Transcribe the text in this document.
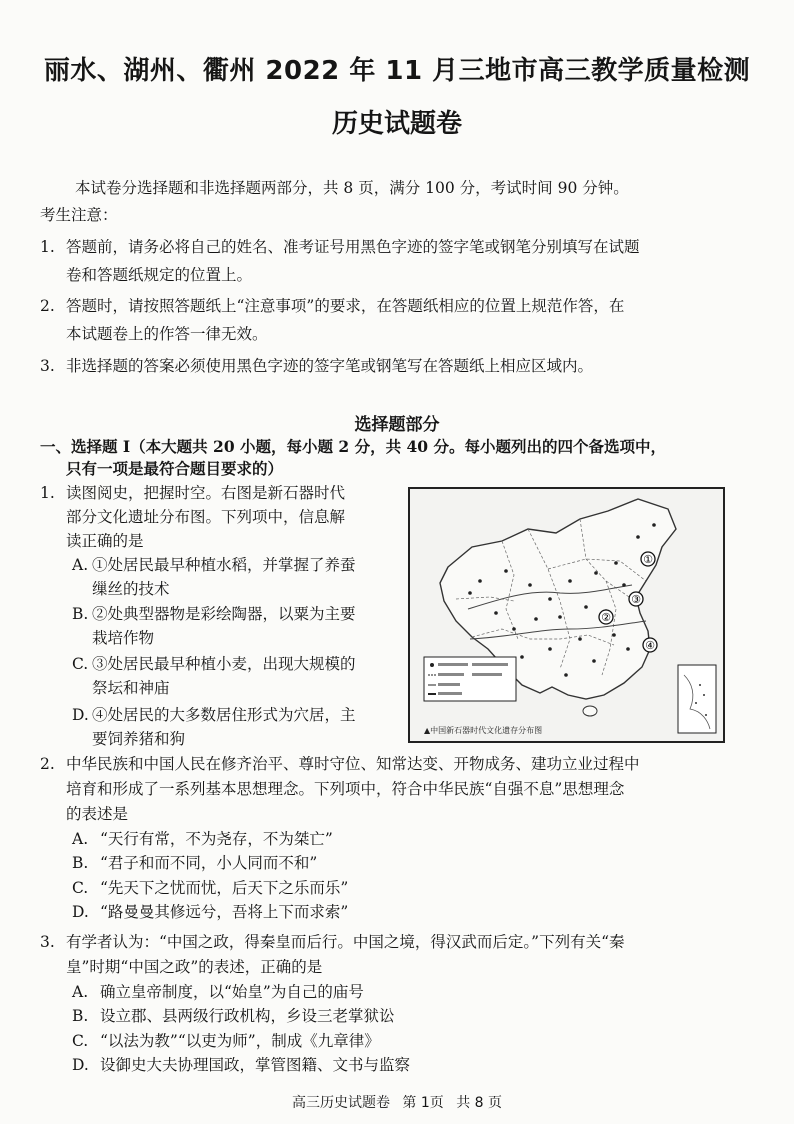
丽水、湖州、衢州 2022 年 11 月三地市高三教学质量检测
历史试题卷
本试卷分选择题和非选择题两部分，共 8 页，满分 100 分，考试时间 90 分钟。
考生注意：
1. 答题前，请务必将自己的姓名、准考证号用黑色字迹的签字笔或钢笔分别填写在试题
卷和答题纸规定的位置上。
2. 答题时，请按照答题纸上“注意事项”的要求，在答题纸相应的位置上规范作答，在
本试题卷上的作答一律无效。
3. 非选择题的答案必须使用黑色字迹的签字笔或钢笔写在答题纸上相应区域内。
选择题部分
一、选择题 I（本大题共 20 小题，每小题 2 分，共 40 分。每小题列出的四个备选项中，
只有一项是最符合题目要求的）
1. 读图阅史，把握时空。右图是新石器时代
部分文化遗址分布图。下列项中，信息解
读正确的是
A. ①处居民最早种植水稻，并掌握了养蚕
缫丝的技术
B. ②处典型器物是彩绘陶器，以粟为主要
栽培作物
C. ③处居民最早种植小麦，出现大规模的
祭坛和神庙
D. ④处居民的大多数居住形式为穴居，主
要饲养猪和狗
①
②
③
④
▲中国新石器时代文化遗存分布图
2. 中华民族和中国人民在修齐治平、尊时守位、知常达变、开物成务、建功立业过程中
培育和形成了一系列基本思想理念。下列项中，符合中华民族“自强不息”思想理念
的表述是
A. “天行有常，不为尧存，不为桀亡”
B. “君子和而不同，小人同而不和”
C. “先天下之忧而忧，后天下之乐而乐”
D. “路曼曼其修远兮，吾将上下而求索”
3. 有学者认为：“中国之政，得秦皇而后行。中国之境，得汉武而后定。”下列有关“秦
皇”时期“中国之政”的表述，正确的是
A. 确立皇帝制度，以“始皇”为自己的庙号
B. 设立郡、县两级行政机构，乡设三老掌狱讼
C. “以法为教”“以吏为师”，制成《九章律》
D. 设御史大夫协理国政，掌管图籍、文书与监察
高三历史试题卷 第 1页 共 8 页
